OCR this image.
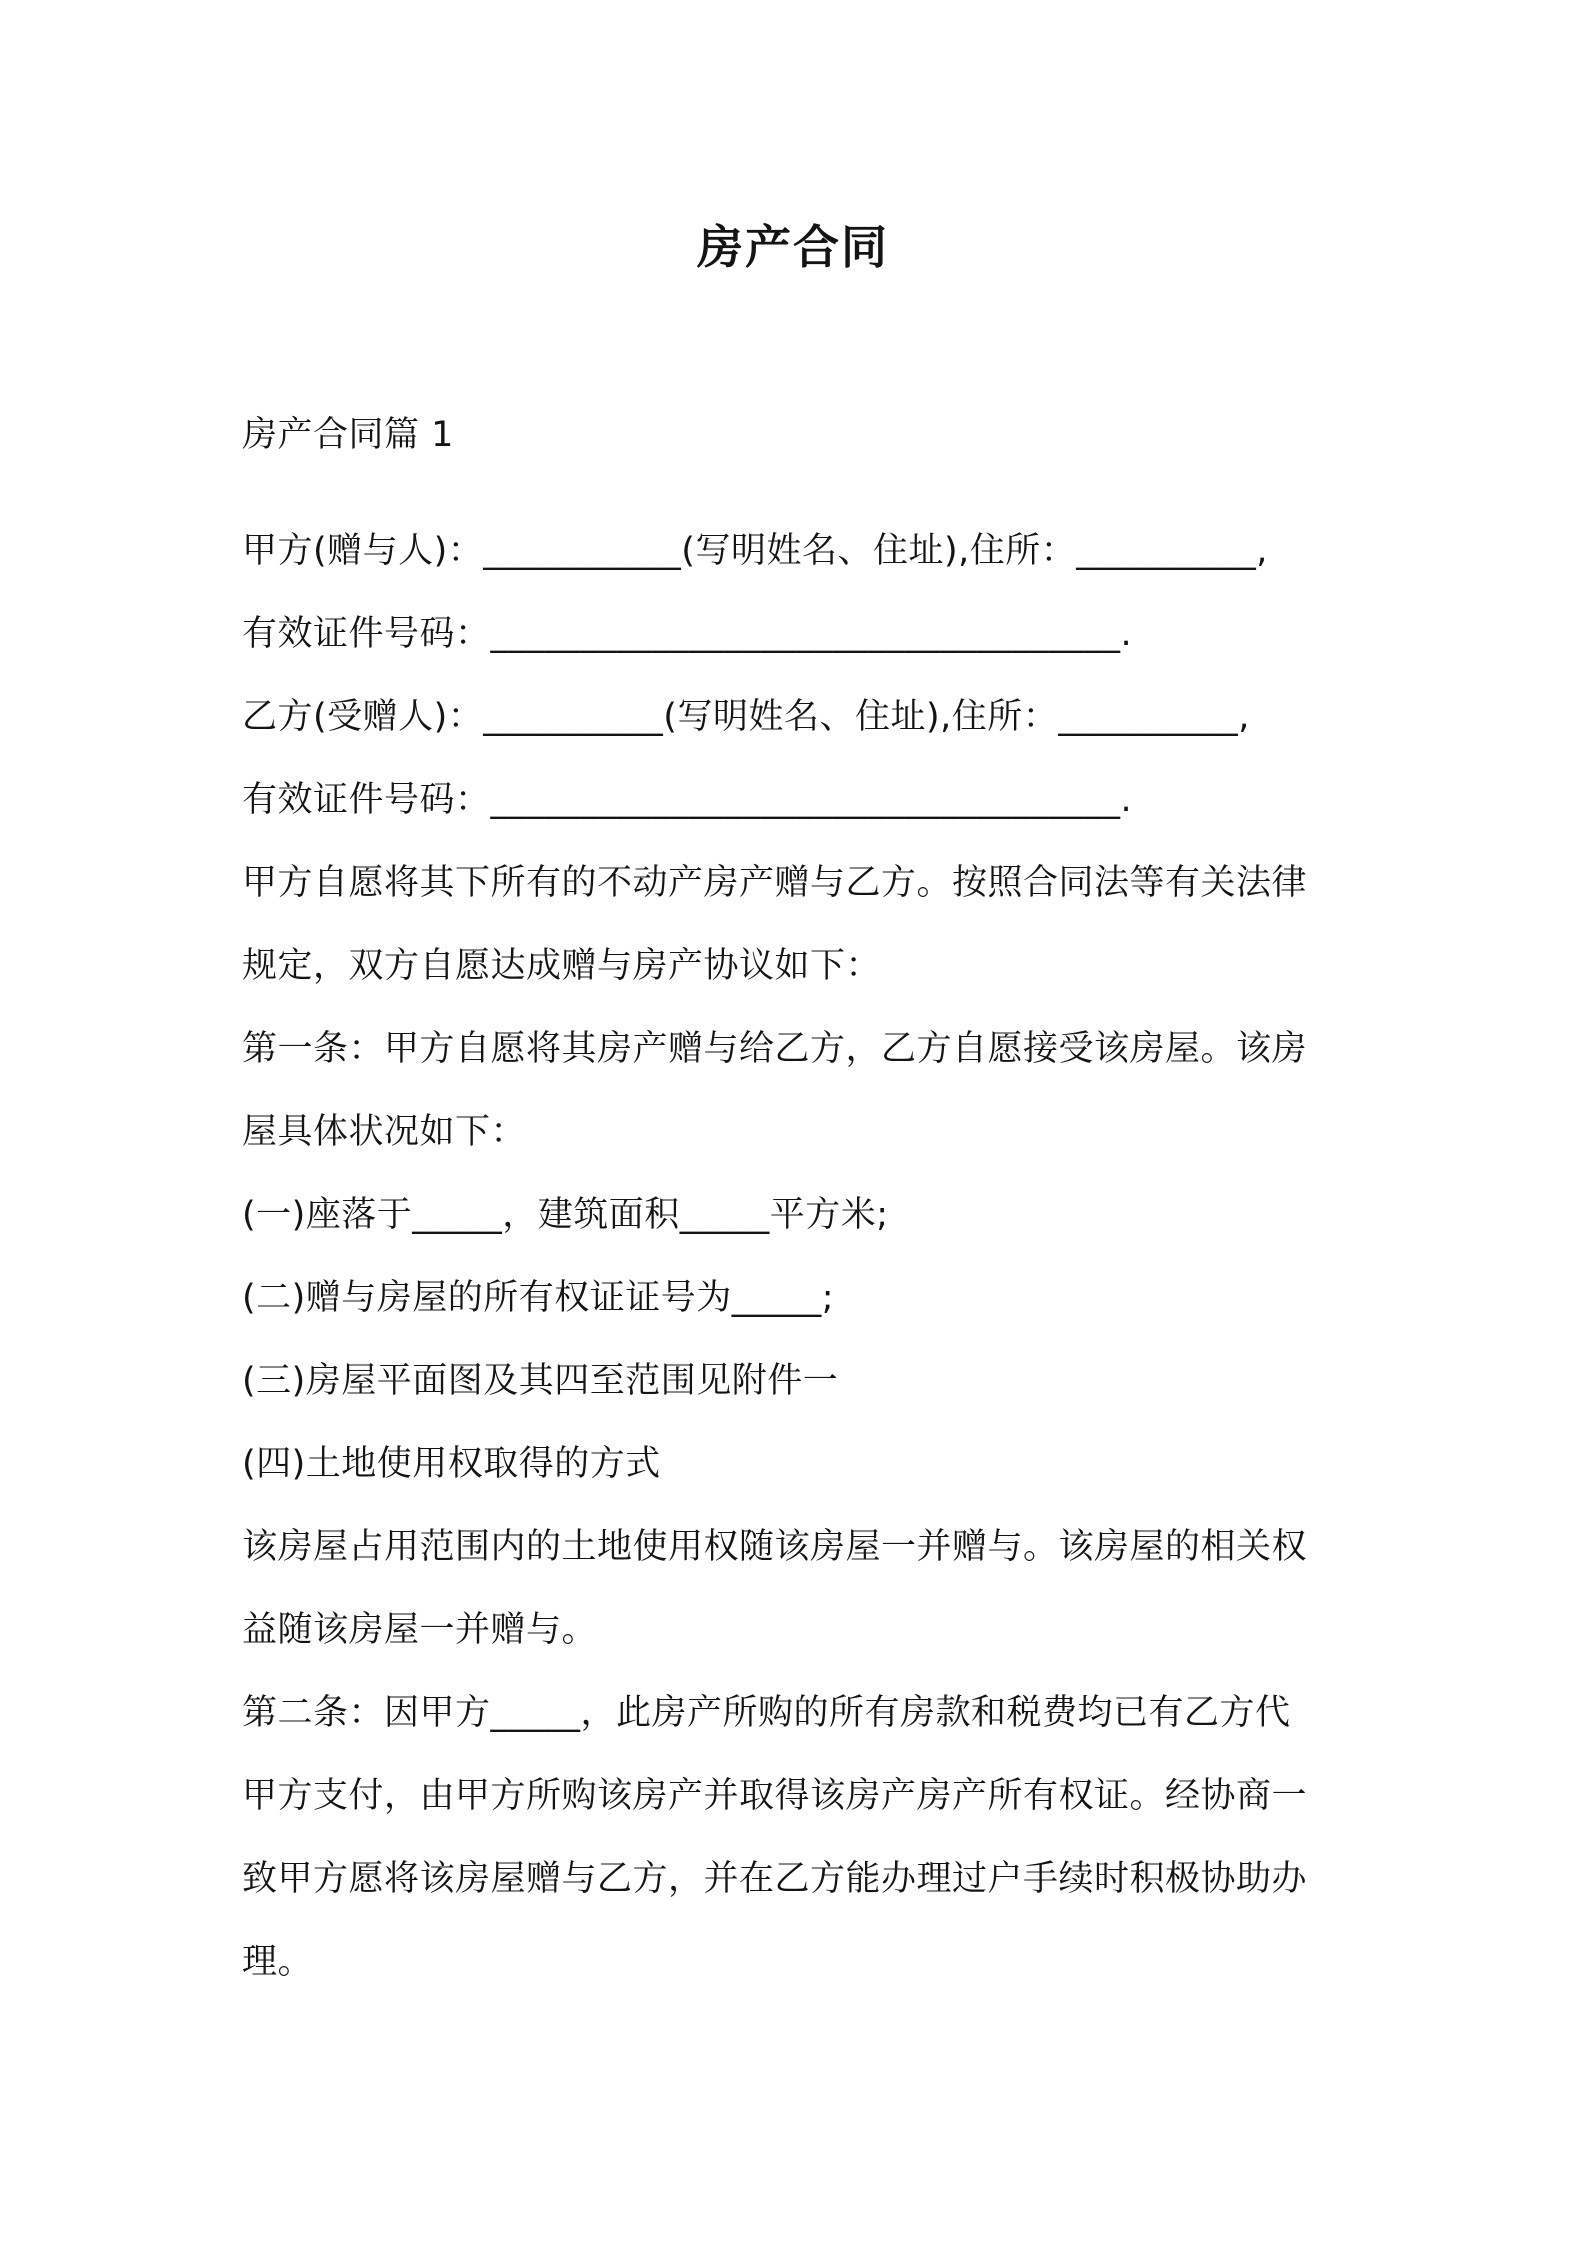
房产合同
房产合同篇 1
甲方(赠与人)：___________(写明姓名、住址),住所：__________,
有效证件号码：___________________________________.
乙方(受赠人)：__________(写明姓名、住址),住所：__________,
有效证件号码：___________________________________.
甲方自愿将其下所有的不动产房产赠与乙方。按照合同法等有关法律
规定，双方自愿达成赠与房产协议如下：
第一条：甲方自愿将其房产赠与给乙方，乙方自愿接受该房屋。该房
屋具体状况如下：
(一)座落于_____，建筑面积_____平方米;
(二)赠与房屋的所有权证证号为_____;
(三)房屋平面图及其四至范围见附件一
(四)土地使用权取得的方式
该房屋占用范围内的土地使用权随该房屋一并赠与。该房屋的相关权
益随该房屋一并赠与。
第二条：因甲方_____，此房产所购的所有房款和税费均已有乙方代
甲方支付，由甲方所购该房产并取得该房产房产所有权证。经协商一
致甲方愿将该房屋赠与乙方，并在乙方能办理过户手续时积极协助办
理。
